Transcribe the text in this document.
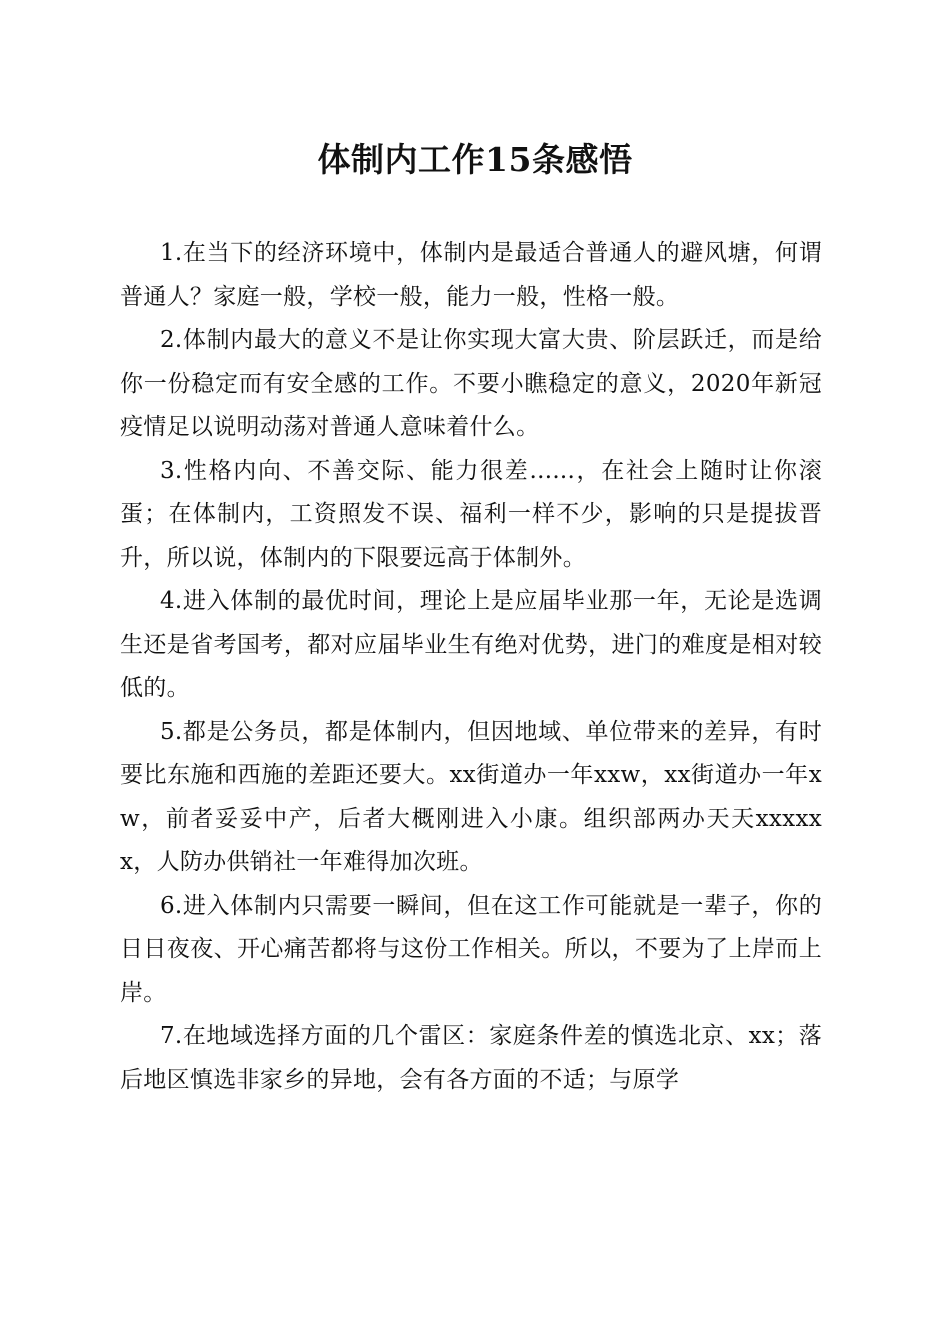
体制内工作15条感悟

1.在当下的经济环境中，体制内是最适合普通人的避风塘，何谓普通人？家庭一般，学校一般，能力一般，性格一般。

2.体制内最大的意义不是让你实现大富大贵、阶层跃迁，而是给你一份稳定而有安全感的工作。不要小瞧稳定的意义，2020年新冠疫情足以说明动荡对普通人意味着什么。

3.性格内向、不善交际、能力很差......，在社会上随时让你滚蛋；在体制内，工资照发不误、福利一样不少，影响的只是提拔晋升，所以说，体制内的下限要远高于体制外。

4.进入体制的最优时间，理论上是应届毕业那一年，无论是选调生还是省考国考，都对应届毕业生有绝对优势，进门的难度是相对较低的。

5.都是公务员，都是体制内，但因地域、单位带来的差异，有时要比东施和西施的差距还要大。xx街道办一年xxw，xx街道办一年xw，前者妥妥中产，后者大概刚进入小康。组织部两办天天xxxxxx，人防办供销社一年难得加次班。

6.进入体制内只需要一瞬间，但在这工作可能就是一辈子，你的日日夜夜、开心痛苦都将与这份工作相关。所以，不要为了上岸而上岸。

7.在地域选择方面的几个雷区：家庭条件差的慎选北京、xx；落后地区慎选非家乡的异地，会有各方面的不适；与原学
